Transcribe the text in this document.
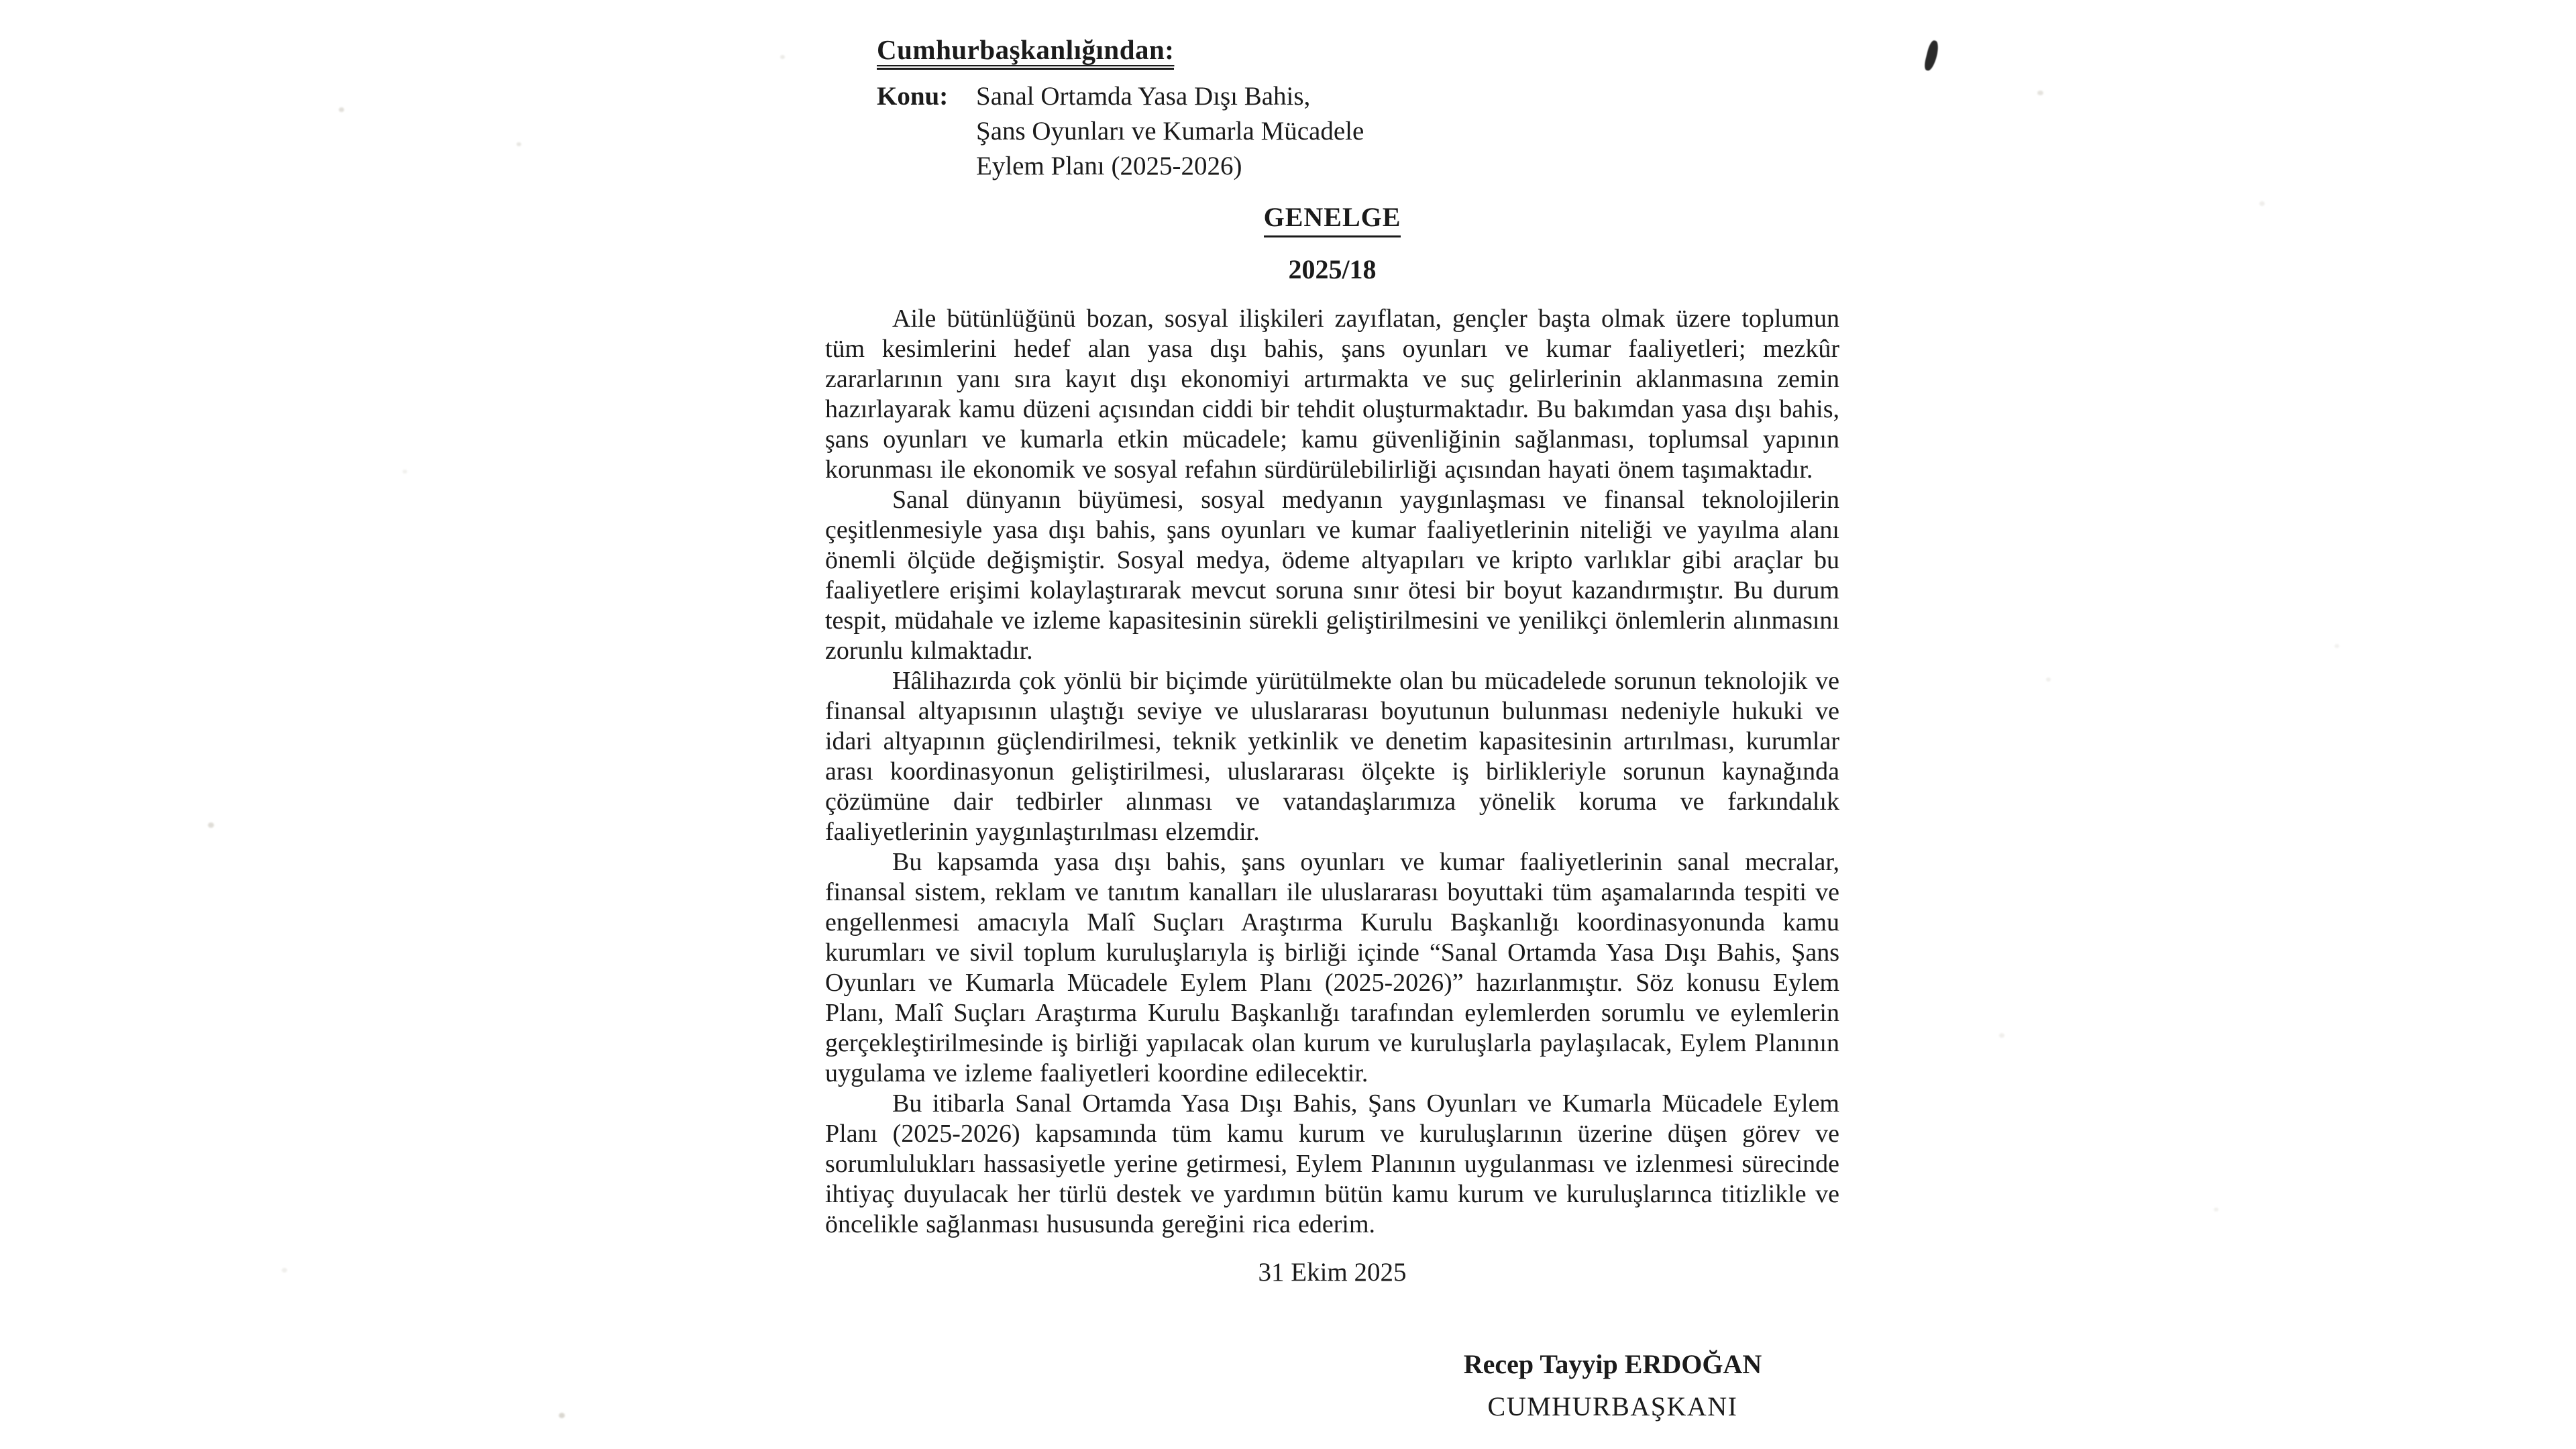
Cumhurbaşkanlığından:
Konu:	Sanal Ortamda Yasa Dışı Bahis,
Şans Oyunları ve Kumarla Mücadele
Eylem Planı (2025-2026)
GENELGE
2025/18

Aile bütünlüğünü bozan, sosyal ilişkileri zayıflatan, gençler başta olmak üzere toplumun tüm kesimlerini hedef alan yasa dışı bahis, şans oyunları ve kumar faaliyetleri; mezkûr zararlarının yanı sıra kayıt dışı ekonomiyi artırmakta ve suç gelirlerinin aklanmasına zemin hazırlayarak kamu düzeni açısından ciddi bir tehdit oluşturmaktadır. Bu bakımdan yasa dışı bahis, şans oyunları ve kumarla etkin mücadele; kamu güvenliğinin sağlanması, toplumsal yapının korunması ile ekonomik ve sosyal refahın sürdürülebilirliği açısından hayati önem taşımaktadır.

Sanal dünyanın büyümesi, sosyal medyanın yaygınlaşması ve finansal teknolojilerin çeşitlenmesiyle yasa dışı bahis, şans oyunları ve kumar faaliyetlerinin niteliği ve yayılma alanı önemli ölçüde değişmiştir. Sosyal medya, ödeme altyapıları ve kripto varlıklar gibi araçlar bu faaliyetlere erişimi kolaylaştırarak mevcut soruna sınır ötesi bir boyut kazandırmıştır. Bu durum tespit, müdahale ve izleme kapasitesinin sürekli geliştirilmesini ve yenilikçi önlemlerin alınmasını zorunlu kılmaktadır.

Hâlihazırda çok yönlü bir biçimde yürütülmekte olan bu mücadelede sorunun teknolojik ve finansal altyapısının ulaştığı seviye ve uluslararası boyutunun bulunması nedeniyle hukuki ve idari altyapının güçlendirilmesi, teknik yetkinlik ve denetim kapasitesinin artırılması, kurumlar arası koordinasyonun geliştirilmesi, uluslararası ölçekte iş birlikleriyle sorunun kaynağında çözümüne dair tedbirler alınması ve vatandaşlarımıza yönelik koruma ve farkındalık faaliyetlerinin yaygınlaştırılması elzemdir.

Bu kapsamda yasa dışı bahis, şans oyunları ve kumar faaliyetlerinin sanal mecralar, finansal sistem, reklam ve tanıtım kanalları ile uluslararası boyuttaki tüm aşamalarında tespiti ve engellenmesi amacıyla Malî Suçları Araştırma Kurulu Başkanlığı koordinasyonunda kamu kurumları ve sivil toplum kuruluşlarıyla iş birliği içinde “Sanal Ortamda Yasa Dışı Bahis, Şans Oyunları ve Kumarla Mücadele Eylem Planı (2025-2026)” hazırlanmıştır. Söz konusu Eylem Planı, Malî Suçları Araştırma Kurulu Başkanlığı tarafından eylemlerden sorumlu ve eylemlerin gerçekleştirilmesinde iş birliği yapılacak olan kurum ve kuruluşlarla paylaşılacak, Eylem Planının uygulama ve izleme faaliyetleri koordine edilecektir.

Bu itibarla Sanal Ortamda Yasa Dışı Bahis, Şans Oyunları ve Kumarla Mücadele Eylem Planı (2025-2026) kapsamında tüm kamu kurum ve kuruluşlarının üzerine düşen görev ve sorumlulukları hassasiyetle yerine getirmesi, Eylem Planının uygulanması ve izlenmesi sürecinde ihtiyaç duyulacak her türlü destek ve yardımın bütün kamu kurum ve kuruluşlarınca titizlikle ve öncelikle sağlanması hususunda gereğini rica ederim.

31 Ekim 2025
Recep Tayyip ERDOĞAN
CUMHURBAŞKANI
